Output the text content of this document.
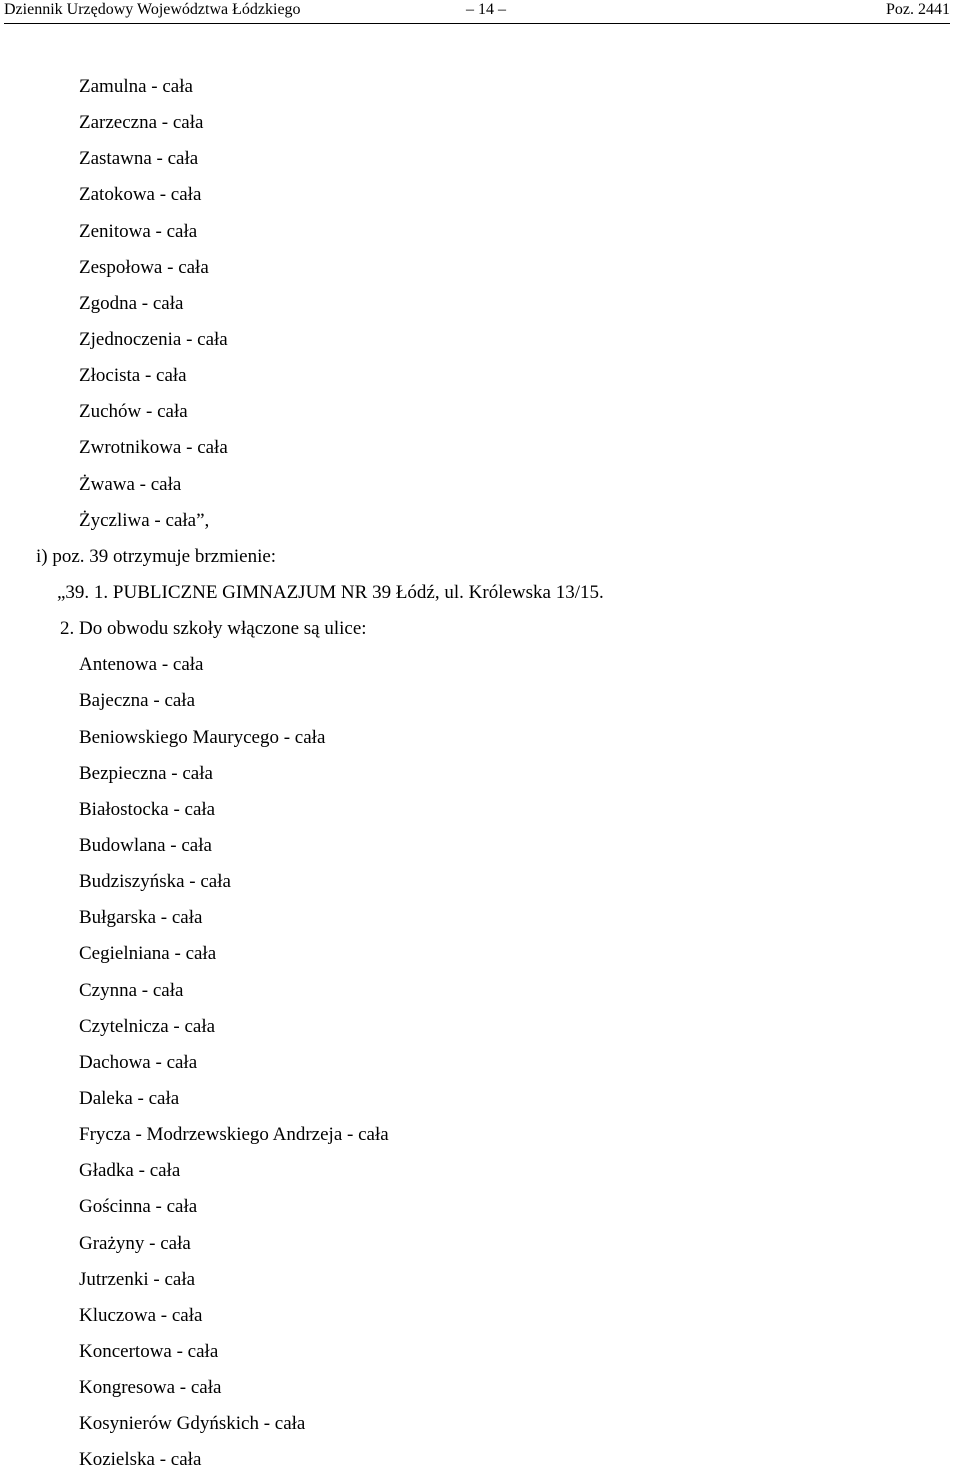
Dziennik Urzędowy Województwa Łódzkiego	– 14 –	Poz. 2441
Zamulna - cała
Zarzeczna - cała
Zastawna - cała
Zatokowa - cała
Zenitowa - cała
Zespołowa - cała
Zgodna - cała
Zjednoczenia - cała
Złocista - cała
Zuchów - cała
Zwrotnikowa - cała
Żwawa - cała
Życzliwa - cała”,
i) poz. 39 otrzymuje brzmienie:
„39. 1. PUBLICZNE GIMNAZJUM NR 39 Łódź, ul. Królewska 13/15.
2. Do obwodu szkoły włączone są ulice:
Antenowa - cała
Bajeczna - cała
Beniowskiego Maurycego - cała
Bezpieczna - cała
Białostocka - cała
Budowlana - cała
Budziszyńska - cała
Bułgarska - cała
Cegielniana - cała
Czynna - cała
Czytelnicza - cała
Dachowa - cała
Daleka - cała
Frycza - Modrzewskiego Andrzeja - cała
Gładka - cała
Gościnna - cała
Grażyny - cała
Jutrzenki - cała
Kluczowa - cała
Koncertowa - cała
Kongresowa - cała
Kosynierów Gdyńskich - cała
Kozielska - cała
